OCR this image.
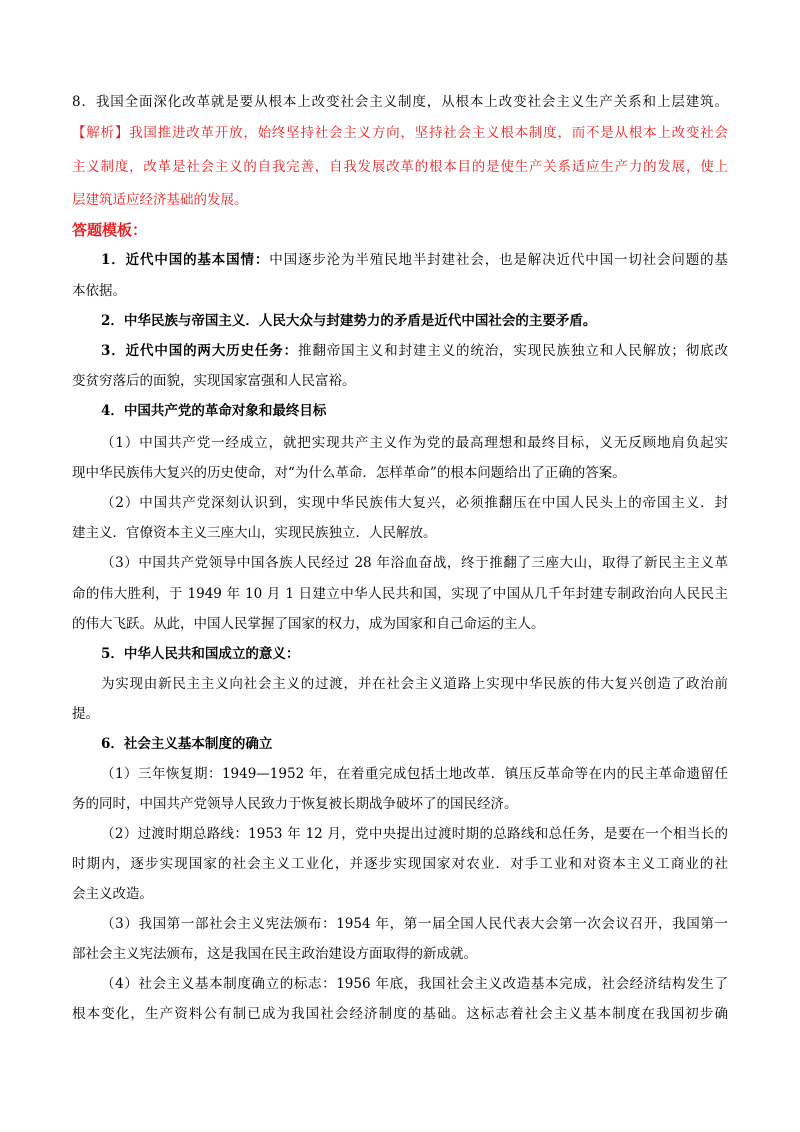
8．我国全面深化改革就是要从根本上改变社会主义制度，从根本上改变社会主义生产关系和上层建筑。
【解析】我国推进改革开放，始终坚持社会主义方向，坚持社会主义根本制度，而不是从根本上改变社会
主义制度，改革是社会主义的自我完善，自我发展改革的根本目的是使生产关系适应生产力的发展，使上
层建筑适应经济基础的发展。
答题模板：
1．近代中国的基本国情：中国逐步沦为半殖民地半封建社会，也是解决近代中国一切社会问题的基
本依据。
2．中华民族与帝国主义．人民大众与封建势力的矛盾是近代中国社会的主要矛盾。
3．近代中国的两大历史任务：推翻帝国主义和封建主义的统治，实现民族独立和人民解放；彻底改
变贫穷落后的面貌，实现国家富强和人民富裕。
4．中国共产党的革命对象和最终目标
（1）中国共产党一经成立，就把实现共产主义作为党的最高理想和最终目标，义无反顾地肩负起实
现中华民族伟大复兴的历史使命，对“为什么革命．怎样革命”的根本问题给出了正确的答案。
（2）中国共产党深刻认识到，实现中华民族伟大复兴，必须推翻压在中国人民头上的帝国主义．封
建主义．官僚资本主义三座大山，实现民族独立．人民解放。
（3）中国共产党领导中国各族人民经过 28 年浴血奋战，终于推翻了三座大山，取得了新民主主义革
命的伟大胜利，于 1949 年 10 月 1 日建立中华人民共和国，实现了中国从几千年封建专制政治向人民民主
的伟大飞跃。从此，中国人民掌握了国家的权力，成为国家和自己命运的主人。
5．中华人民共和国成立的意义：
为实现由新民主主义向社会主义的过渡，并在社会主义道路上实现中华民族的伟大复兴创造了政治前
提。
6．社会主义基本制度的确立
（1）三年恢复期：1949—1952 年，在着重完成包括土地改革．镇压反革命等在内的民主革命遗留任
务的同时，中国共产党领导人民致力于恢复被长期战争破坏了的国民经济。
（2）过渡时期总路线：1953 年 12 月，党中央提出过渡时期的总路线和总任务，是要在一个相当长的
时期内，逐步实现国家的社会主义工业化，并逐步实现国家对农业．对手工业和对资本主义工商业的社
会主义改造。
（3）我国第一部社会主义宪法颁布：1954 年，第一届全国人民代表大会第一次会议召开，我国第一
部社会主义宪法颁布，这是我国在民主政治建设方面取得的新成就。
（4）社会主义基本制度确立的标志：1956 年底，我国社会主义改造基本完成，社会经济结构发生了
根本变化，生产资料公有制已成为我国社会经济制度的基础。这标志着社会主义基本制度在我国初步确
